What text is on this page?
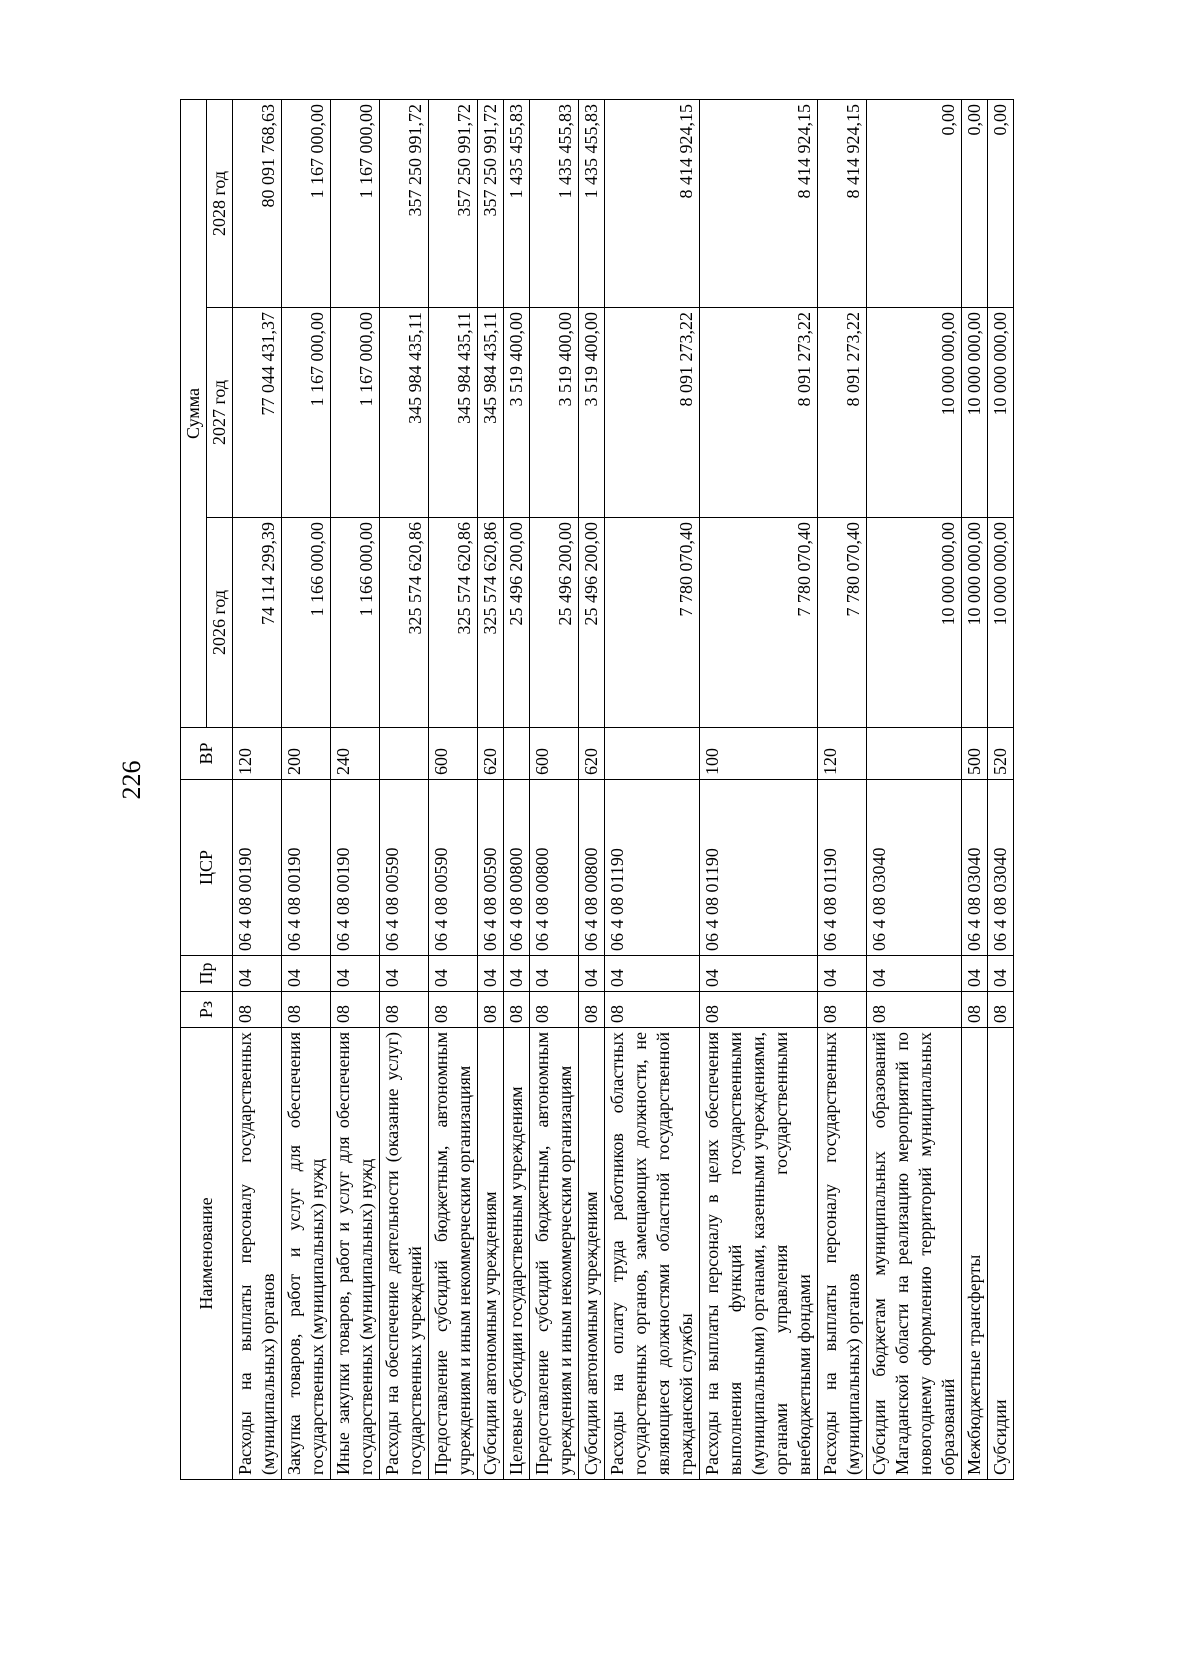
226
Наименование	Рз	Пр	ЦСР	ВР	Сумма		
					2026 год	2027 год	2028 год
Расходы на выплаты персоналу государственных (муниципальных) органов	08	04	06 4 08 00190	120	74 114 299,39	77 044 431,37	80 091 768,63
Закупка товаров, работ и услуг для обеспечения государственных (муниципальных) нужд	08	04	06 4 08 00190	200	1 166 000,00	1 167 000,00	1 167 000,00
Иные закупки товаров, работ и услуг для обеспечения государственных (муниципальных) нужд	08	04	06 4 08 00190	240	1 166 000,00	1 167 000,00	1 167 000,00
Расходы на обеспечение деятельности (оказание услуг) государственных учреждений	08	04	06 4 08 00590		325 574 620,86	345 984 435,11	357 250 991,72
Предоставление субсидий бюджетным, автономным учреждениям и иным некоммерческим организациям	08	04	06 4 08 00590	600	325 574 620,86	345 984 435,11	357 250 991,72
Субсидии автономным учреждениям	08	04	06 4 08 00590	620	325 574 620,86	345 984 435,11	357 250 991,72
Целевые субсидии государственным учреждениям	08	04	06 4 08 00800		25 496 200,00	3 519 400,00	1 435 455,83
Предоставление субсидий бюджетным, автономным учреждениям и иным некоммерческим организациям	08	04	06 4 08 00800	600	25 496 200,00	3 519 400,00	1 435 455,83
Субсидии автономным учреждениям	08	04	06 4 08 00800	620	25 496 200,00	3 519 400,00	1 435 455,83
Расходы на оплату труда работников областных государственных органов, замещающих должности, не являющиеся должностями областной государственной гражданской службы	08	04	06 4 08 01190		7 780 070,40	8 091 273,22	8 414 924,15
Расходы на выплаты персоналу в целях обеспечения выполнения функций государственными (муниципальными) органами, казенными учреждениями, органами управления государственными внебюджетными фондами	08	04	06 4 08 01190	100	7 780 070,40	8 091 273,22	8 414 924,15
Расходы на выплаты персоналу государственных (муниципальных) органов	08	04	06 4 08 01190	120	7 780 070,40	8 091 273,22	8 414 924,15
Субсидии бюджетам муниципальных образований Магаданской области на реализацию мероприятий по новогоднему оформлению территорий муниципальных образований	08	04	06 4 08 03040		10 000 000,00	10 000 000,00	0,00
Межбюджетные трансферты	08	04	06 4 08 03040	500	10 000 000,00	10 000 000,00	0,00
Субсидии	08	04	06 4 08 03040	520	10 000 000,00	10 000 000,00	0,00
